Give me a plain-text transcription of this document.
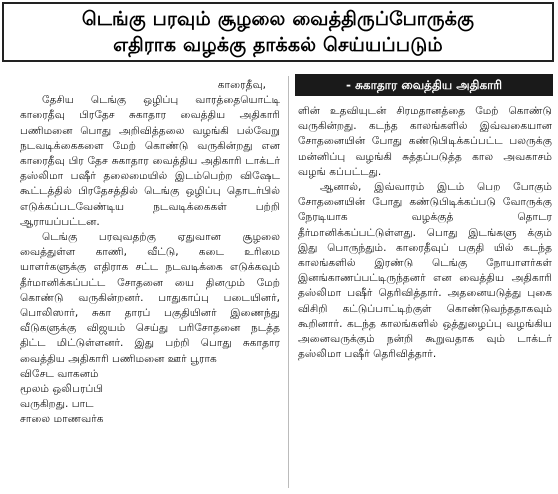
டெங்கு பரவும் சூழலை வைத்திருப்போருக்கு
எதிராக வழக்கு தாக்கல் செய்யப்படும்
- சுகாதார வைத்திய அதிகாரி

காரைதீவு,

தேசிய டெங்கு ஒழிப்பு வாரத்தையொட்டி காரைதீவு பிரதேச சுகாதார வைத்திய அதிகாரி பணிமனை பொது அறிவித்தலை வழங்கி பல்வேறு நடவடிக்கைகளை மேற் கொண்டு வருகின்றது என காரைதீவு பிர தேச சுகாதார வைத்திய அதிகாரி டாக்டர் தஸ்லிமா பஷீர் தலைமையில் இடம்பெற்ற விஷேட கூட்டத்தில் பிரதேசத்தில் டெங்கு ஒழிப்பு தொடர்பில் எடுக்கப்படவேண்டிய நடவடிக்கைகள் பற்றி ஆராயப்பட்டன.

டெங்கு பரவுவதற்கு ஏதுவான சூழலை வைத்துள்ள காணி, வீட்டு, கடை உரிமை யாளர்களுக்கு எதிராக சட்ட நடவடிக்கை எடுக்கவும் தீர்மானிக்கப்பட்ட சோதனை யை தினமும் மேற் கொண்டு வருகின்றனர். பாதுகாப்பு படையினர், பொலிஸார், சுகா தாரப் பகுதியினர் இணைந்து வீடுகளுக்கு விஜயம் செய்து பரிசோதனை நடத்த திட்ட மிட்டுள்ளனர். இது பற்றி பொது சுகாதார வைத்திய அதிகாரி பணிமனை ஊர் பூராக

விசேட வாகனம்

மூலம் ஒலிபரப்பி

வருகிறது. பாட

சாலை மாணவர்க

ளின் உதவியுடன் சிரமதானத்தை மேற் கொண்டு வருகின்றது. கடந்த காலங்களில் இவ்வகையான சோதனையின் போது கண்டுபிடிக்கப்பட்ட பலருக்கு மன்னிப்பு வழங்கி சுத்தப்படுத்த கால அவகாசம் வழங் கப்பட்டது.

ஆனால், இவ்வாரம் இடம் பெற போகும் சோதனையின் போது கண்டுபிடிக்கப்படு வோருக்கு நேரடியாக வழக்குத் தொடர தீர்மானிக்கப்பட்டுள்ளது. பொது இடங்களு க்கும் இது பொருந்தும். காரைதீவுப் பகுதி யில் கடந்த காலங்களில் இரண்டு டெங்கு நோயாளர்கள் இனங்காணப்பட்டிருந்தனர் என வைத்திய அதிகாரி தஸ்லிமா பஷீர் தெரிவித்தார். அதனையடுத்து புகை விசிறி கட்டுப்பாட்டிற்குள் கொண்டுவந்ததாகவும் கூறினார். கடந்த காலங்களில் ஒத்துழைப்பு வழங்கிய அனைவருக்கும் நன்றி கூறுவதாக வும் டாக்டர் தஸ்லிமா பஷீர் தெரிவித்தார்.
